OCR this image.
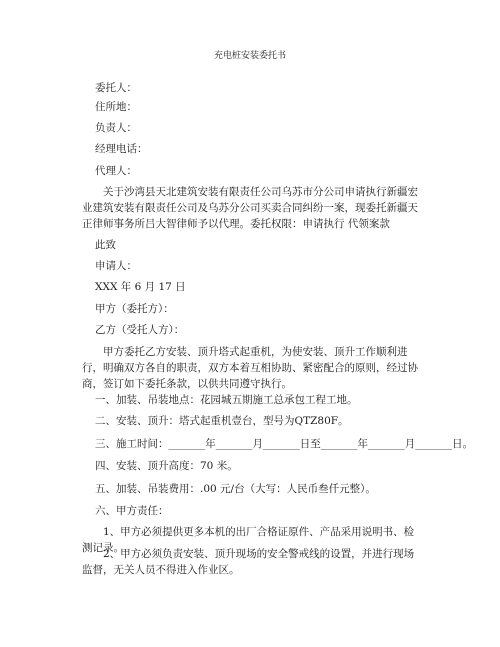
充电桩安装委托书
委托人：
住所地：
负责人：
经理电话：
代理人：
关于沙湾县天北建筑安装有限责任公司乌苏市分公司申请执行新疆宏业建筑安装有限责任公司及乌苏分公司买卖合同纠纷一案，现委托新疆天正律师事务所吕大智律师予以代理。委托权限：申请执行 代领案款
此致
申请人：
XXX 年 6 月 17 日
甲方（委托方）：
乙方（受托人方）：
甲方委托乙方安装、顶升塔式起重机，为使安装、顶升工作顺利进行，明确双方各自的职责，双方本着互相协助、紧密配合的原则，经过协商，签订如下委托条款，以供共同遵守执行。
一、加装、吊装地点：花园城五期施工总承包工程工地。
二、安装、顶升：塔式起重机壹台，型号为QTZ80F。
三、施工时间：_______年_______月_______日至_______年_______月_______日。
四、安装、顶升高度：70 米。
五、加装、吊装费用：.00 元/台（大写：人民币叁仟元整）。
六、甲方责任：
1、甲方必须提供更多本机的出厂合格证原件、产品采用说明书、检测记录。
2、甲方必须负责安装、顶升现场的安全警戒线的设置，并进行现场监督，无关人员不得进入作业区。
